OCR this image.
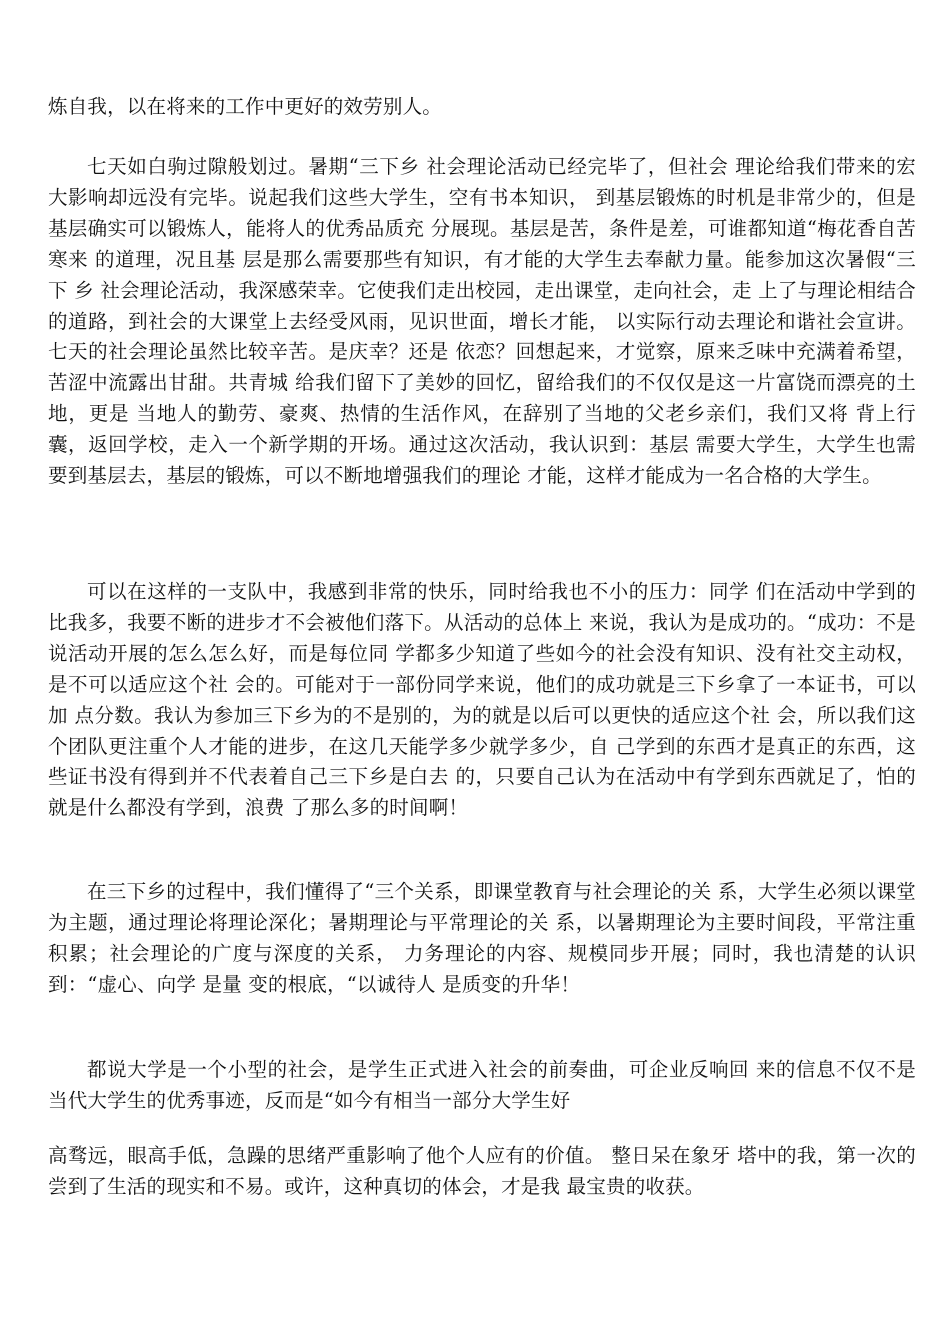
炼自我，以在将来的工作中更好的效劳别人。

七天如白驹过隙般划过。暑期“三下乡 社会理论活动已经完毕了，但社会 理论给我们带来的宏大影响却远没有完毕。说起我们这些大学生，空有书本知识， 到基层锻炼的时机是非常少的，但是基层确实可以锻炼人，能将人的优秀品质充 分展现。基层是苦，条件是差，可谁都知道“梅花香自苦寒来 的道理，况且基 层是那么需要那些有知识，有才能的大学生去奉献力量。能参加这次暑假“三下 乡 社会理论活动，我深感荣幸。它使我们走出校园，走出课堂，走向社会，走 上了与理论相结合的道路，到社会的大课堂上去经受风雨，见识世面，增长才能， 以实际行动去理论和谐社会宣讲。七天的社会理论虽然比较辛苦。是庆幸？还是 依恋？回想起来，才觉察，原来乏味中充满着希望，苦涩中流露出甘甜。共青城 给我们留下了美妙的回忆，留给我们的不仅仅是这一片富饶而漂亮的土地，更是 当地人的勤劳、豪爽、热情的生活作风，在辞别了当地的父老乡亲们，我们又将 背上行囊，返回学校，走入一个新学期的开场。通过这次活动，我认识到：基层 需要大学生，大学生也需要到基层去，基层的锻炼，可以不断地增强我们的理论 才能，这样才能成为一名合格的大学生。

可以在这样的一支队中，我感到非常的快乐，同时给我也不小的压力：同学 们在活动中学到的比我多，我要不断的进步才不会被他们落下。从活动的总体上 来说，我认为是成功的。“成功：不是说活动开展的怎么怎么好，而是每位同 学都多少知道了些如今的社会没有知识、没有社交主动权，是不可以适应这个社 会的。可能对于一部份同学来说，他们的成功就是三下乡拿了一本证书，可以加 点分数。我认为参加三下乡为的不是别的，为的就是以后可以更快的适应这个社 会，所以我们这个团队更注重个人才能的进步，在这几天能学多少就学多少，自 己学到的东西才是真正的东西，这些证书没有得到并不代表着自己三下乡是白去 的，只要自己认为在活动中有学到东西就足了，怕的就是什么都没有学到，浪费 了那么多的时间啊！

在三下乡的过程中，我们懂得了“三个关系，即课堂教育与社会理论的关 系，大学生必须以课堂为主题，通过理论将理论深化；暑期理论与平常理论的关 系，以暑期理论为主要时间段，平常注重积累；社会理论的广度与深度的关系， 力务理论的内容、规模同步开展；同时，我也清楚的认识到：“虚心、向学 是量 变的根底，“以诚待人 是质变的升华！

都说大学是一个小型的社会，是学生正式进入社会的前奏曲，可企业反响回 来的信息不仅不是当代大学生的优秀事迹，反而是“如今有相当一部分大学生好

高骛远，眼高手低，急躁的思绪严重影响了他个人应有的价值。 整日呆在象牙 塔中的我，第一次的尝到了生活的现实和不易。或许，这种真切的体会，才是我 最宝贵的收获。
